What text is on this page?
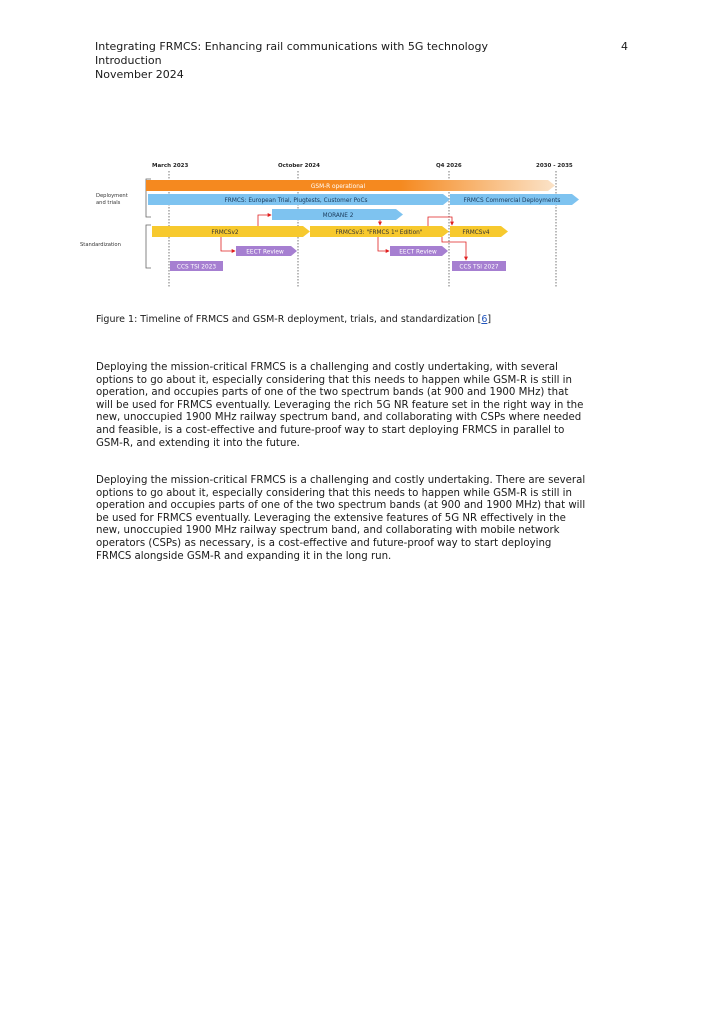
Integrating FRMCS: Enhancing rail communications with 5G technology
Introduction
November 2024
4
March 2023	October 2024	Q4 2026	2030 - 2035
Deployment
and trials
Standardization
GSM-R operational
FRMCS: European Trial, Plugtests, Customer PoCs	FRMCS Commercial Deployments
MORANE 2
FRMCSv2	FRMCSv3: "FRMCS 1st Edition"	FRMCSv4
EECT Review	EECT Review
CCS TSI 2023	CCS TSI 2027
Figure 1: Timeline of FRMCS and GSM-R deployment, trials, and standardization [6]
Deploying the mission-critical FRMCS is a challenging and costly undertaking, with several options to go about it, especially considering that this needs to happen while GSM-R is still in operation, and occupies parts of one of the two spectrum bands (at 900 and 1900 MHz) that will be used for FRMCS eventually. Leveraging the rich 5G NR feature set in the right way in the new, unoccupied 1900 MHz railway spectrum band, and collaborating with CSPs where needed and feasible, is a cost-effective and future-proof way to start deploying FRMCS in parallel to GSM-R, and extending it into the future.
Deploying the mission-critical FRMCS is a challenging and costly undertaking. There are several options to go about it, especially considering that this needs to happen while GSM-R is still in operation and occupies parts of one of the two spectrum bands (at 900 and 1900 MHz) that will be used for FRMCS eventually. Leveraging the extensive features of 5G NR effectively in the new, unoccupied 1900 MHz railway spectrum band, and collaborating with mobile network operators (CSPs) as necessary, is a cost-effective and future-proof way to start deploying FRMCS alongside GSM-R and expanding it in the long run.
